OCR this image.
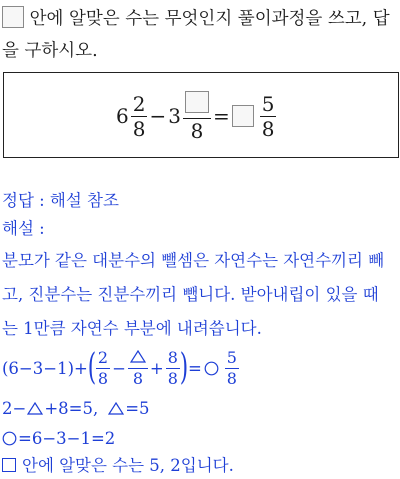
안에 알맞은 수는 무엇인지 풀이과정을 쓰고, 답
을 구하시오.
$6 \frac{2}{8} - 3$
8
= $\frac{5}{8}$
정답 : 해설 참조
해설 :
분모가 같은 대분수의 뺄셈은 자연수는 자연수끼리 빼
고, 진분수는 진분수끼리 뺍니다. 받아내립이 있을 때
는 1만큼 자연수 부분에 내려씁니다.
(6−3−1)+ ( $\frac{2}{8}$ −
8
+ $\frac{8}{8}$ ) = $\frac{5}{8}$
2− +8=5, =5
=6−3−1=2
안에 알맞은 수는 5, 2입니다.
